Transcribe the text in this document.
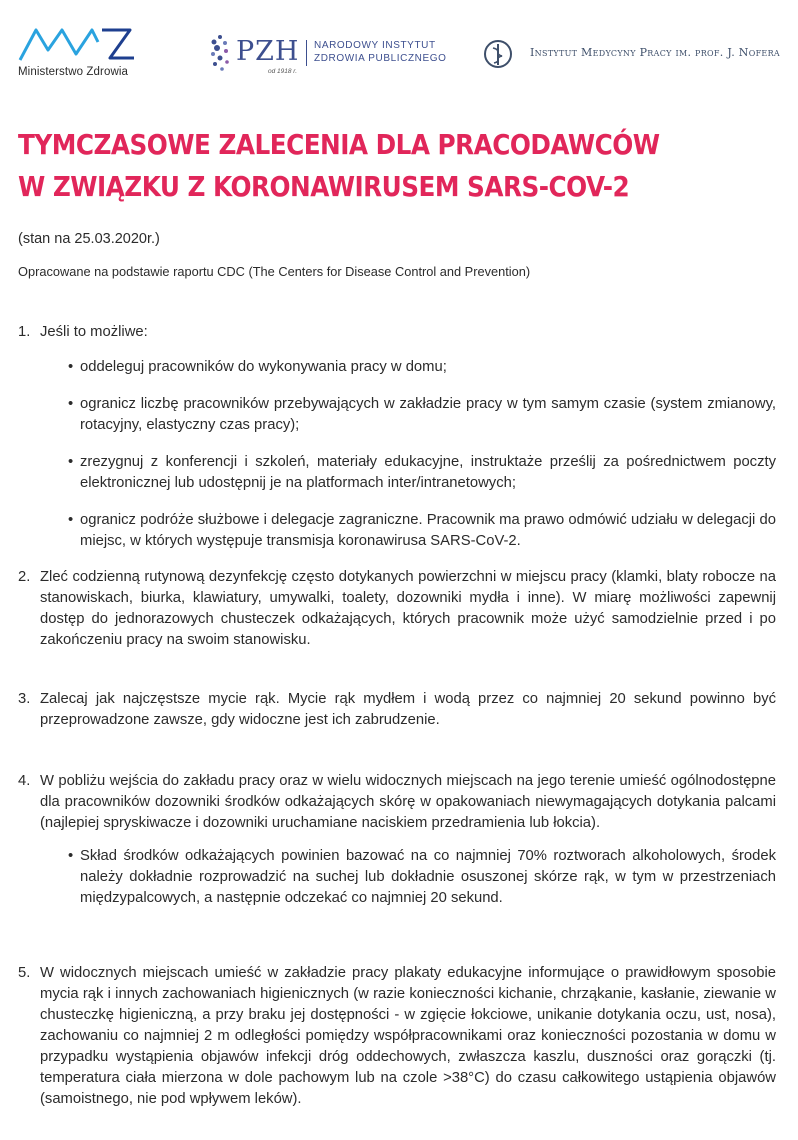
Ministerstwo Zdrowia
PZH
od 1918 r.
NARODOWY INSTYTUT
ZDROWIA PUBLICZNEGO	Instytut Medycyny Pracy im. prof. J. Nofera
TYMCZASOWE ZALECENIA DLA PRACODAWCÓW
W ZWIĄZKU Z KORONAWIRUSEM SARS-COV-2
(stan na 25.03.2020r.)
Opracowane na podstawie raportu CDC (The Centers for Disease Control and Prevention)
1. Jeśli to możliwe:
• oddeleguj pracowników do wykonywania pracy w domu;
• ogranicz liczbę pracowników przebywających w zakładzie pracy w tym samym czasie (system zmianowy, rotacyjny, elastyczny czas pracy);
• zrezygnuj z konferencji i szkoleń, materiały edukacyjne, instruktaże prześlij za pośrednictwem poczty elektronicznej lub udostępnij je na platformach inter/intranetowych;
• ogranicz podróże służbowe i delegacje zagraniczne. Pracownik ma prawo odmówić udziału w delegacji do miejsc, w których występuje transmisja koronawirusa SARS-CoV-2.
2. Zleć codzienną rutynową dezynfekcję często dotykanych powierzchni w miejscu pracy (klamki, blaty robocze na stanowiskach, biurka, klawiatury, umywalki, toalety, dozowniki mydła i inne). W miarę możliwości zapewnij dostęp do jednorazowych chusteczek odkażających, których pracownik może użyć samodzielnie przed i po zakończeniu pracy na swoim stanowisku.
3. Zalecaj jak najczęstsze mycie rąk. Mycie rąk mydłem i wodą przez co najmniej 20 sekund powinno być przeprowadzone zawsze, gdy widoczne jest ich zabrudzenie.
4. W pobliżu wejścia do zakładu pracy oraz w wielu widocznych miejscach na jego terenie umieść ogólnodostępne dla pracowników dozowniki środków odkażających skórę w opakowaniach niewymagających dotykania palcami (najlepiej spryskiwacze i dozowniki uruchamiane naciskiem przedramienia lub łokcia).
• Skład środków odkażających powinien bazować na co najmniej 70% roztworach alkoholowych, środek należy dokładnie rozprowadzić na suchej lub dokładnie osuszonej skórze rąk, w tym w przestrzeniach międzypalcowych, a następnie odczekać co najmniej 20 sekund.
5. W widocznych miejscach umieść w zakładzie pracy plakaty edukacyjne informujące o prawidłowym sposobie mycia rąk i innych zachowaniach higienicznych (w razie konieczności kichanie, chrząkanie, kasłanie, ziewanie w chusteczkę higieniczną, a przy braku jej dostępności - w zgięcie łokciowe, unikanie dotykania oczu, ust, nosa), zachowaniu co najmniej 2 m odległości pomiędzy współpracownikami oraz konieczności pozostania w domu w przypadku wystąpienia objawów infekcji dróg oddechowych, zwłaszcza kaszlu, duszności oraz gorączki (tj. temperatura ciała mierzona w dole pachowym lub na czole >38°C) do czasu całkowitego ustąpienia objawów (samoistnego, nie pod wpływem leków).
